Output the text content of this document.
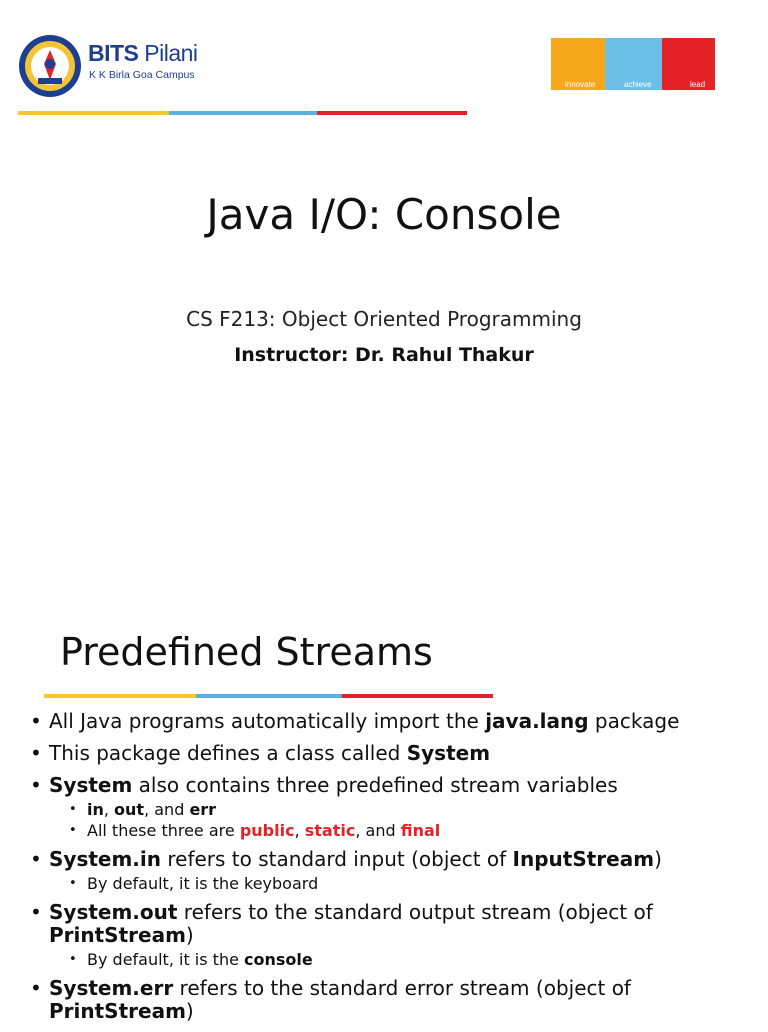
BITS Pilani
K K Birla Goa Campus
innovate	achieve	lead
Java I/O: Console
CS F213: Object Oriented Programming
Instructor: Dr. Rahul Thakur
Predefined Streams
• All Java programs automatically import the java.lang package
• This package defines a class called System
• System also contains three predefined stream variables
• in, out, and err
• All these three are public, static, and final
• System.in refers to standard input (object of InputStream)
• By default, it is the keyboard
• System.out refers to the standard output stream (object of PrintStream)
• By default, it is the console
• System.err refers to the standard error stream (object of PrintStream)
